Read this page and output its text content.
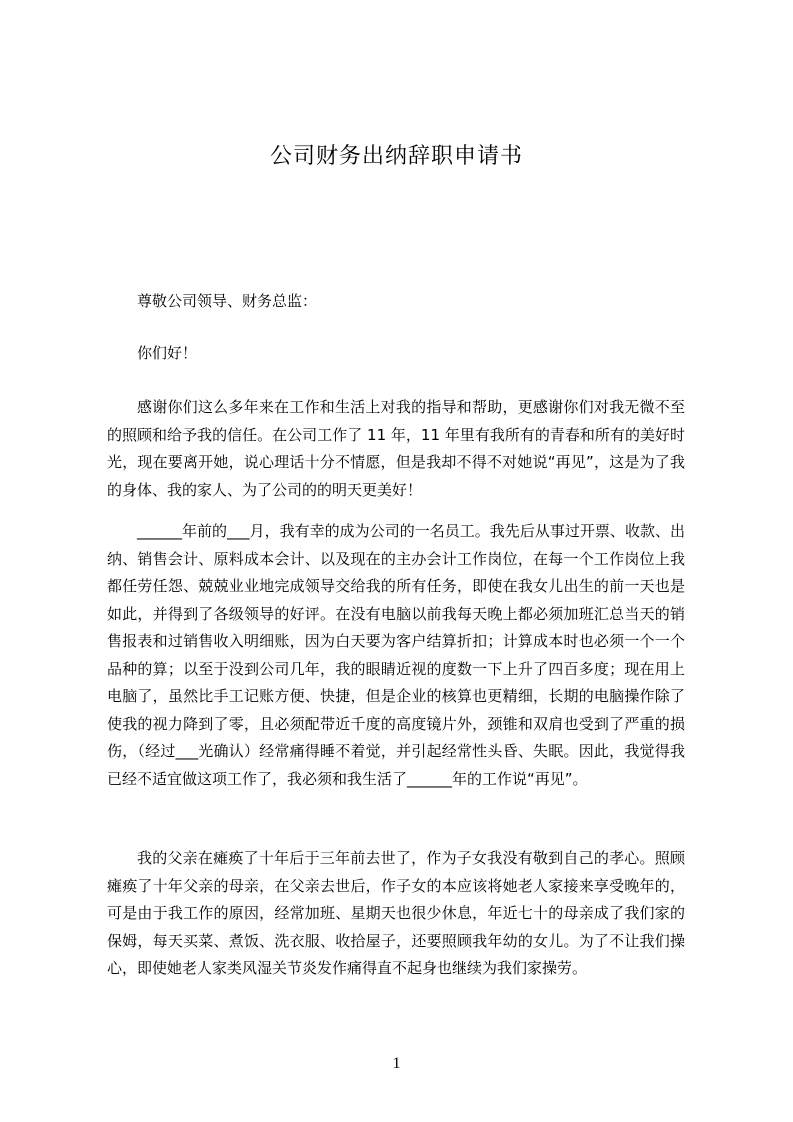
公司财务出纳辞职申请书

尊敬公司领导、财务总监：

你们好！

感谢你们这么多年来在工作和生活上对我的指导和帮助，更感谢你们对我无微不至的照顾和给予我的信任。在公司工作了 11 年，11 年里有我所有的青春和所有的美好时光，现在要离开她，说心理话十分不情愿，但是我却不得不对她说“再见”，这是为了我的身体、我的家人、为了公司的的明天更美好！

______年前的___月，我有幸的成为公司的一名员工。我先后从事过开票、收款、出纳、销售会计、原料成本会计、以及现在的主办会计工作岗位，在每一个工作岗位上我都任劳任怨、兢兢业业地完成领导交给我的所有任务，即使在我女儿出生的前一天也是如此，并得到了各级领导的好评。在没有电脑以前我每天晚上都必须加班汇总当天的销售报表和过销售收入明细账，因为白天要为客户结算折扣；计算成本时也必须一个一个品种的算；以至于没到公司几年，我的眼睛近视的度数一下上升了四百多度；现在用上电脑了，虽然比手工记账方便、快捷，但是企业的核算也更精细，长期的电脑操作除了使我的视力降到了零，且必须配带近千度的高度镜片外，颈锥和双肩也受到了严重的损伤，（经过___光确认）经常痛得睡不着觉，并引起经常性头昏、失眠。因此，我觉得我已经不适宜做这项工作了，我必须和我生活了______年的工作说“再见”。

我的父亲在瘫痪了十年后于三年前去世了，作为子女我没有敬到自己的孝心。照顾瘫痪了十年父亲的母亲，在父亲去世后，作子女的本应该将她老人家接来享受晚年的，可是由于我工作的原因，经常加班、星期天也很少休息，年近七十的母亲成了我们家的保姆，每天买菜、煮饭、洗衣服、收拾屋子，还要照顾我年幼的女儿。为了不让我们操心，即使她老人家类风湿关节炎发作痛得直不起身也继续为我们家操劳。

1
